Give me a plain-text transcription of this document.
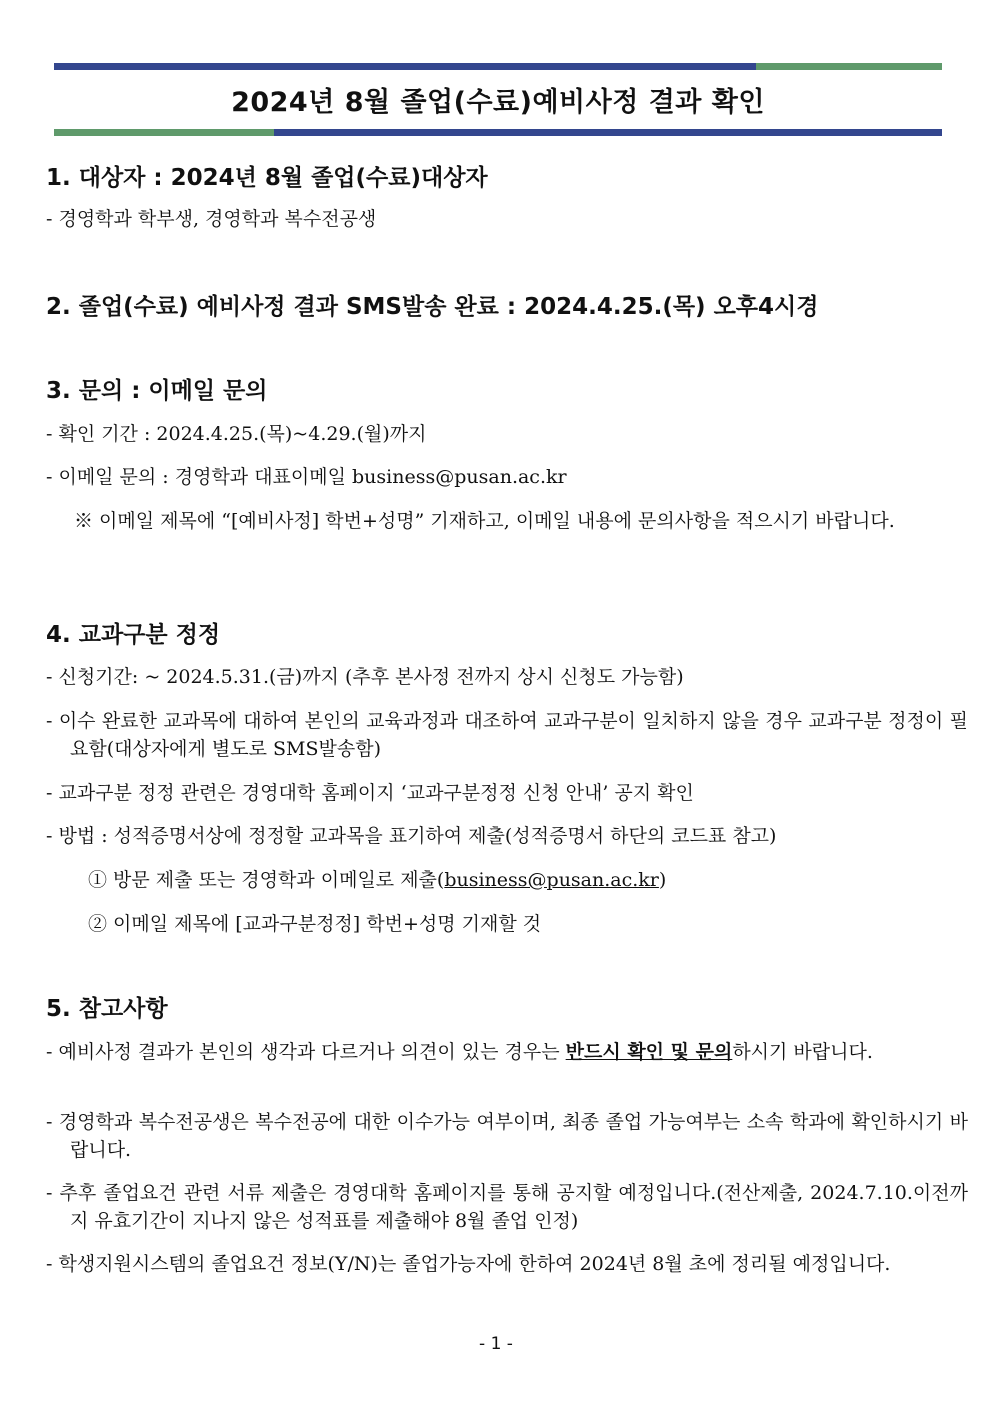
2024년 8월 졸업(수료)예비사정 결과 확인
1. 대상자 : 2024년 8월 졸업(수료)대상자
- 경영학과 학부생, 경영학과 복수전공생
2. 졸업(수료) 예비사정 결과 SMS발송 완료 : 2024.4.25.(목) 오후4시경
3. 문의 : 이메일 문의
- 확인 기간 : 2024.4.25.(목)~4.29.(월)까지
- 이메일 문의 : 경영학과 대표이메일 business@pusan.ac.kr
※ 이메일 제목에 “[예비사정] 학번+성명” 기재하고, 이메일 내용에 문의사항을 적으시기 바랍니다.
4. 교과구분 정정
- 신청기간: ~ 2024.5.31.(금)까지 (추후 본사정 전까지 상시 신청도 가능함)
- 이수 완료한 교과목에 대하여 본인의 교육과정과 대조하여 교과구분이 일치하지 않을 경우 교과구분 정정이 필요함(대상자에게 별도로 SMS발송함)
- 교과구분 정정 관련은 경영대학 홈페이지 ‘교과구분정정 신청 안내’ 공지 확인
- 방법 : 성적증명서상에 정정할 교과목을 표기하여 제출(성적증명서 하단의 코드표 참고)
① 방문 제출 또는 경영학과 이메일로 제출(business@pusan.ac.kr)
② 이메일 제목에 [교과구분정정] 학번+성명 기재할 것
5. 참고사항
- 예비사정 결과가 본인의 생각과 다르거나 의견이 있는 경우는 반드시 확인 및 문의하시기 바랍니다.
- 경영학과 복수전공생은 복수전공에 대한 이수가능 여부이며, 최종 졸업 가능여부는 소속 학과에 확인하시기 바랍니다.
- 추후 졸업요건 관련 서류 제출은 경영대학 홈페이지를 통해 공지할 예정입니다.(전산제출, 2024.7.10.이전까지 유효기간이 지나지 않은 성적표를 제출해야 8월 졸업 인정)
- 학생지원시스템의 졸업요건 정보(Y/N)는 졸업가능자에 한하여 2024년 8월 초에 정리될 예정입니다.
- 1 -
